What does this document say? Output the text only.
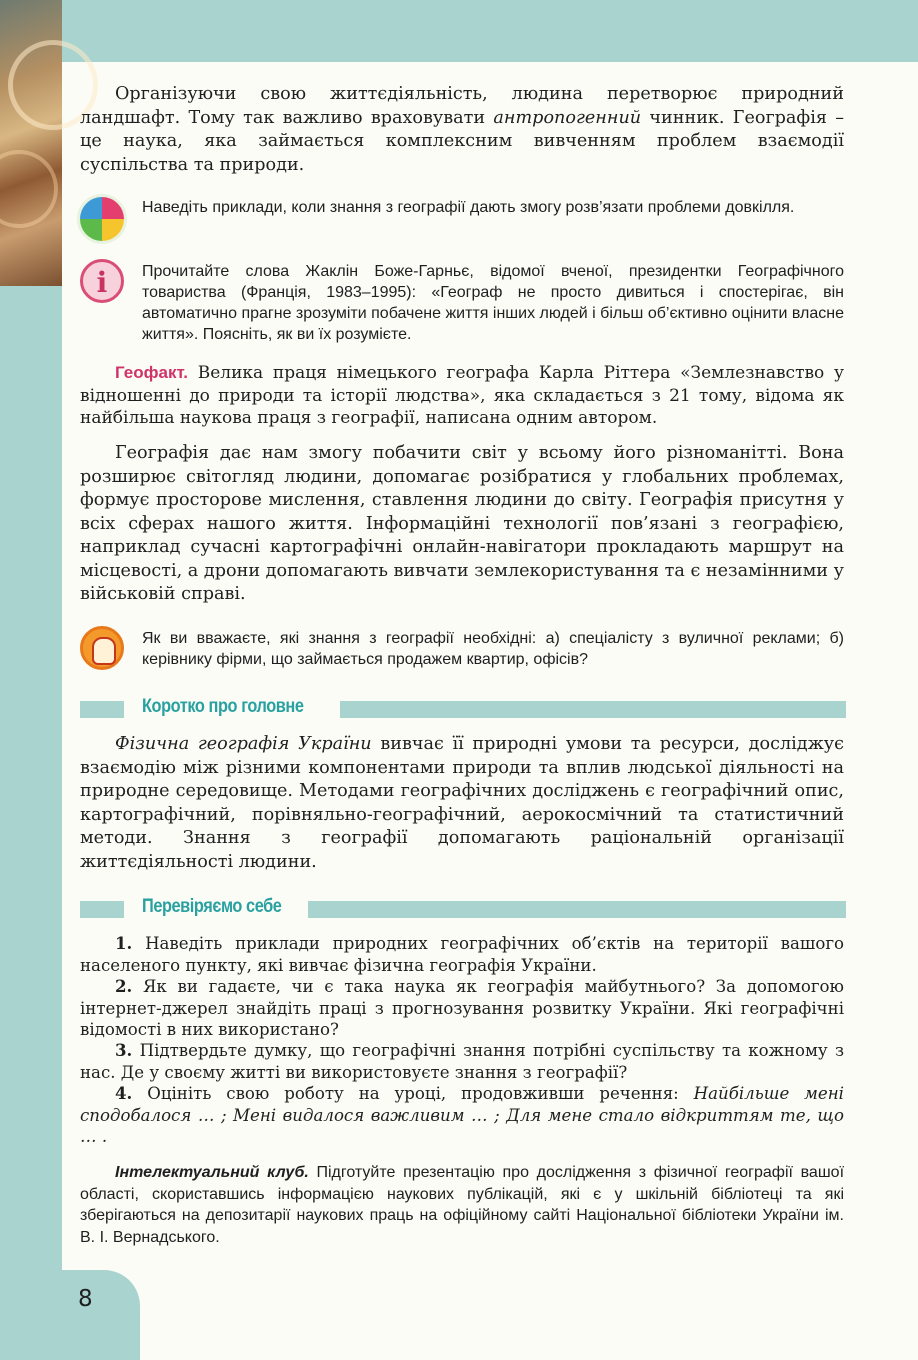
Організуючи свою життєдіяльність, людина перетворює природний ландшафт. Тому так важливо враховувати антропогенний чинник. Географія – це наука, яка займається комплексним вивченням проблем взаємодії суспільства та природи.

Наведіть приклади, коли знання з географії дають змогу розв’язати проблеми довкілля.

i	Прочитайте слова Жаклін Боже-Гарньє, відомої вченої, президентки Географічного товариства (Франція, 1983–1995): «Географ не просто дивиться і спостерігає, він автоматично прагне зрозуміти побачене життя інших людей і більш об’єктивно оцінити власне життя». Поясніть, як ви їх розумієте.

Геофакт. Велика праця німецького географа Карла Ріттера «Землезнавство у відношенні до природи та історії людства», яка складається з 21 тому, відома як найбільша наукова праця з географії, написана одним автором.

Географія дає нам змогу побачити світ у всьому його різноманітті. Вона розширює світогляд людини, допомагає розібратися у глобальних проблемах, формує просторове мислення, ставлення людини до світу. Географія присутня у всіх сферах нашого життя. Інформаційні технології пов’язані з географією, наприклад сучасні картографічні онлайн-навігатори прокладають маршрут на місцевості, а дрони допомагають вивчати землекористування та є незамінними у військовій справі.

Як ви вважаєте, які знання з географії необхідні: а) спеціалісту з вуличної реклами; б) керівнику фірми, що займається продажем квартир, офісів?

Коротко про головне

Фізична географія України вивчає її природні умови та ресурси, досліджує взаємодію між різними компонентами природи та вплив людської діяльності на природне середовище. Методами географічних досліджень є географічний опис, картографічний, порівняльно-географічний, аерокосмічний та статистичний методи. Знання з географії допомагають раціональній організації життєдіяльності людини.

Перевіряємо себе

1. Наведіть приклади природних географічних об’єктів на території вашого населеного пункту, які вивчає фізична географія України.

2. Як ви гадаєте, чи є така наука як географія майбутнього? За допомогою інтернет-джерел знайдіть праці з прогнозування розвитку України. Які географічні відомості в них використано?

3. Підтвердьте думку, що географічні знання потрібні суспільству та кожному з нас. Де у своєму житті ви використовуєте знання з географії?

4. Оцініть свою роботу на уроці, продовживши речення: Найбільше мені сподобалося … ; Мені видалося важливим … ; Для мене стало відкриттям те, що … .

Інтелектуальний клуб. Підготуйте презентацію про дослідження з фізичної географії вашої області, скориставшись інформацією наукових публікацій, які є у шкільній бібліотеці та які зберігаються на депозитарії наукових праць на офіційному сайті Національної бібліотеки України ім. В. І. Вернадського.

8
